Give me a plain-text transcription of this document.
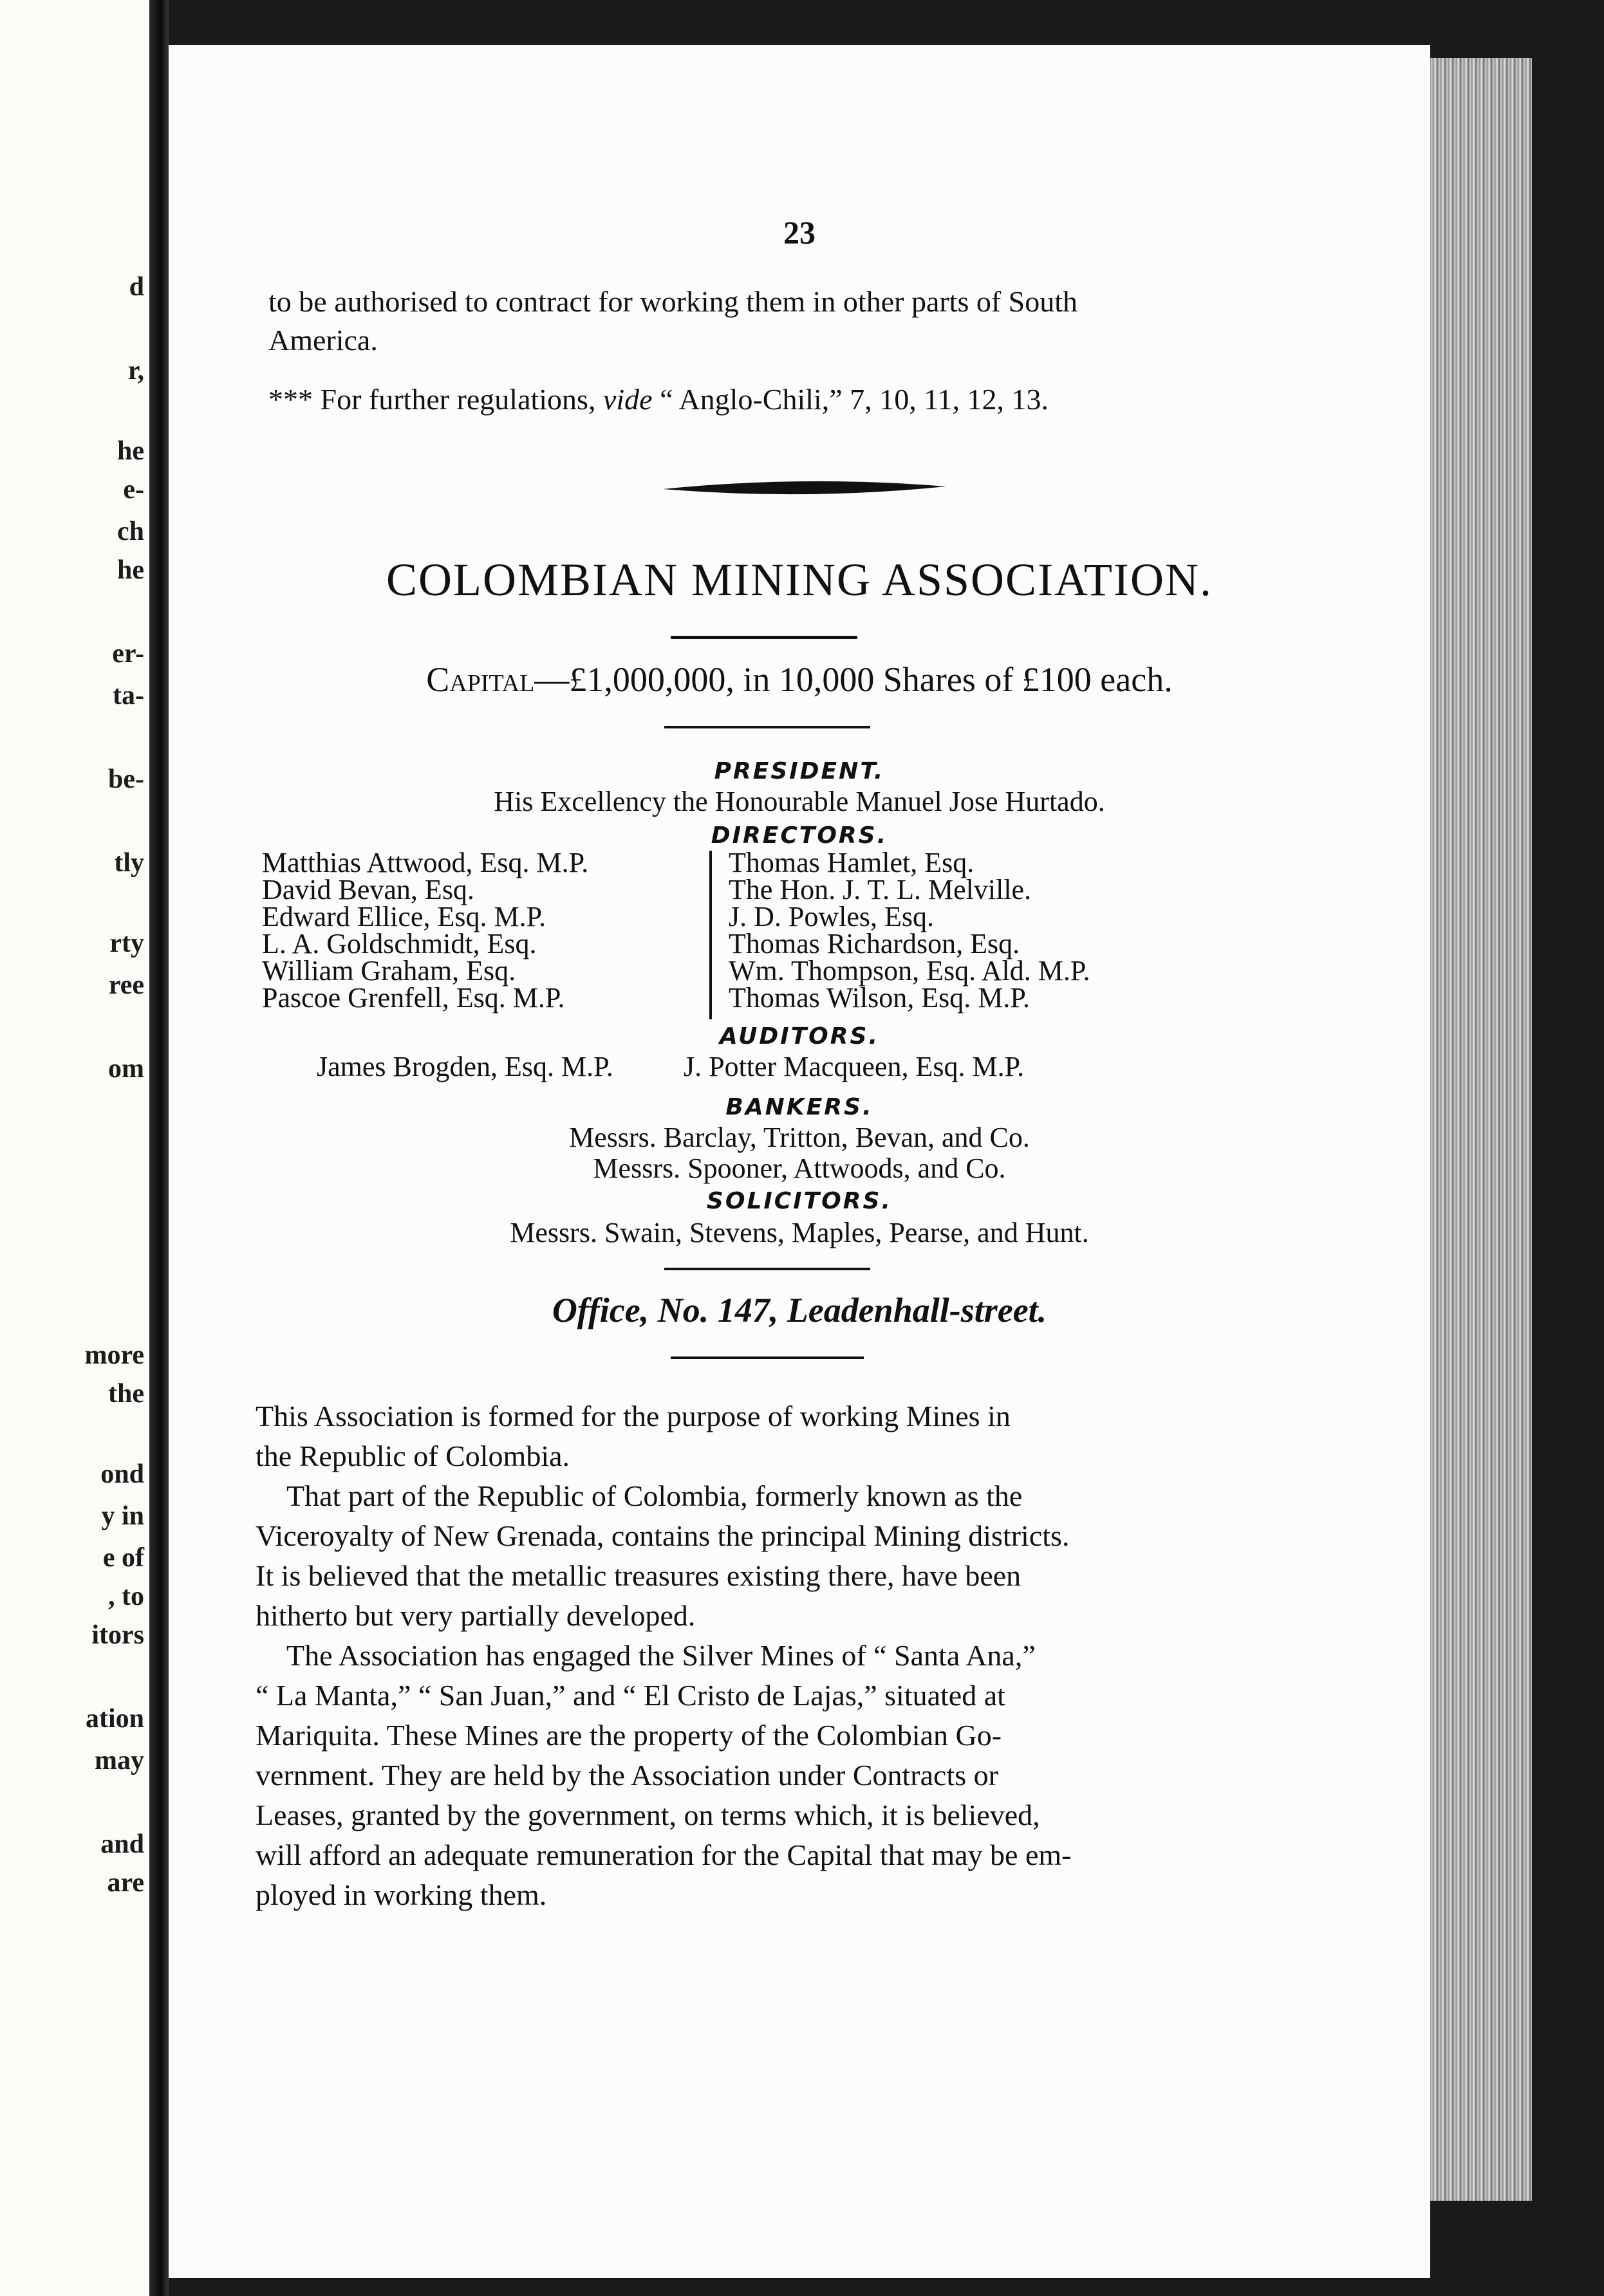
d
r,
he
e-
ch
he
er-
ta-
be-
tly
rty
ree
om
more
the
ond
y in
e of
, to
itors
ation
may
and
are
23
to be authorised to contract for working them in other parts of South
America.
*** For further regulations, vide “ Anglo-Chili,” 7, 10, 11, 12, 13.
COLOMBIAN MINING ASSOCIATION.
Capital—£1,000,000, in 10,000 Shares of £100 each.
PRESIDENT.
His Excellency the Honourable Manuel Jose Hurtado.
DIRECTORS.
Matthias Attwood, Esq. M.P.
David Bevan, Esq.
Edward Ellice, Esq. M.P.
L. A. Goldschmidt, Esq.
William Graham, Esq.
Pascoe Grenfell, Esq. M.P.
Thomas Hamlet, Esq.
The Hon. J. T. L. Melville.
J. D. Powles, Esq.
Thomas Richardson, Esq.
Wm. Thompson, Esq. Ald. M.P.
Thomas Wilson, Esq. M.P.
AUDITORS.
James Brogden, Esq. M.P. J. Potter Macqueen, Esq. M.P.
BANKERS.
Messrs. Barclay, Tritton, Bevan, and Co.
Messrs. Spooner, Attwoods, and Co.
SOLICITORS.
Messrs. Swain, Stevens, Maples, Pearse, and Hunt.
Office, No. 147, Leadenhall-street.
This Association is formed for the purpose of working Mines in
the Republic of Colombia.
That part of the Republic of Colombia, formerly known as the
Viceroyalty of New Grenada, contains the principal Mining districts.
It is believed that the metallic treasures existing there, have been
hitherto but very partially developed.
The Association has engaged the Silver Mines of “ Santa Ana,”
“ La Manta,” “ San Juan,” and “ El Cristo de Lajas,” situated at
Mariquita. These Mines are the property of the Colombian Go-
vernment. They are held by the Association under Contracts or
Leases, granted by the government, on terms which, it is believed,
will afford an adequate remuneration for the Capital that may be em-
ployed in working them.
